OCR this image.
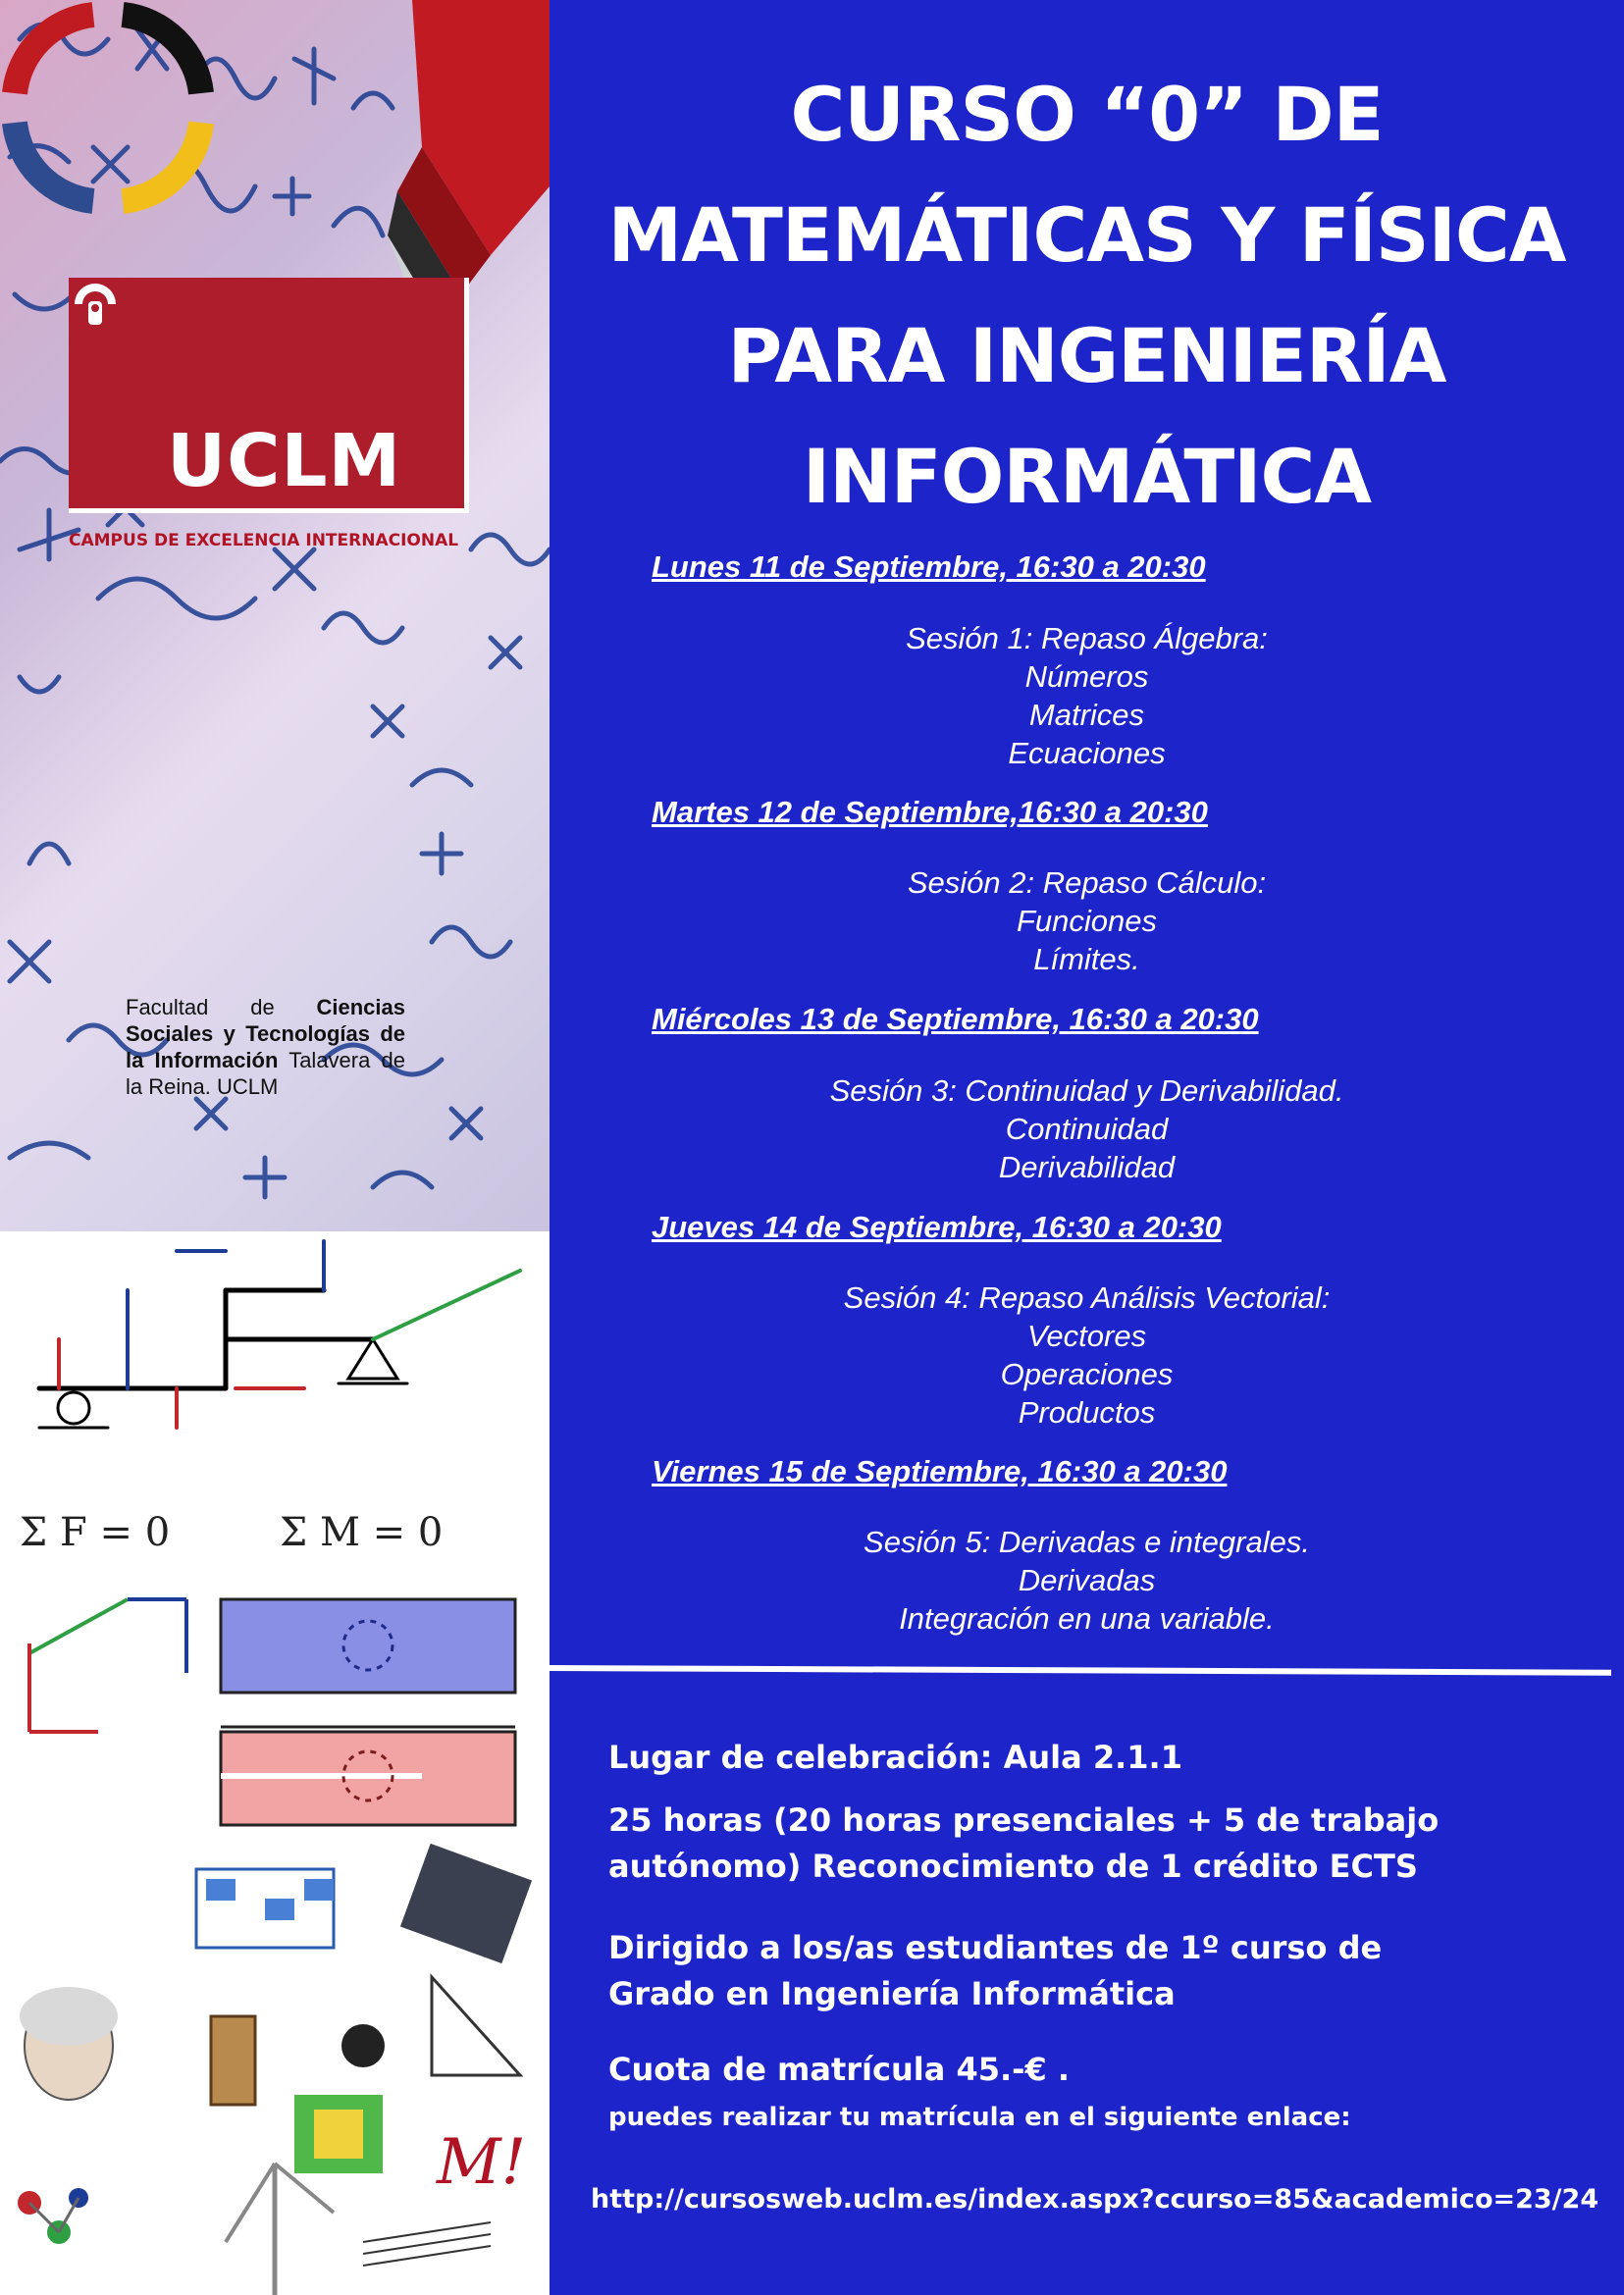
UCLM
CAMPUS DE EXCELENCIA INTERNACIONAL
Facultad de Ciencias Sociales y Tecnologías de la Información Talavera de la Reina. UCLM
Σ F = 0	Σ M = 0
M!
CURSO “0” DE
MATEMÁTICAS Y FÍSICA
PARA INGENIERÍA
INFORMÁTICA
Lunes 11 de Septiembre, 16:30 a 20:30
Sesión 1: Repaso Álgebra:
Números
Matrices
Ecuaciones
Martes 12 de Septiembre,16:30 a 20:30
Sesión 2: Repaso Cálculo:
Funciones
Límites.
Miércoles 13 de Septiembre, 16:30 a 20:30
Sesión 3: Continuidad y Derivabilidad.
Continuidad
Derivabilidad
Jueves 14 de Septiembre, 16:30 a 20:30
Sesión 4: Repaso Análisis Vectorial:
Vectores
Operaciones
Productos
Viernes 15 de Septiembre, 16:30 a 20:30
Sesión 5: Derivadas e integrales.
Derivadas
Integración en una variable.
Lugar de celebración: Aula 2.1.1
25 horas (20 horas presenciales + 5 de trabajo
autónomo) Reconocimiento de 1 crédito ECTS
Dirigido a los/as estudiantes de 1º curso de
Grado en Ingeniería Informática
Cuota de matrícula 45.-€ .
puedes realizar tu matrícula en el siguiente enlace:
http://cursosweb.uclm.es/index.aspx?ccurso=85&academico=23/24
